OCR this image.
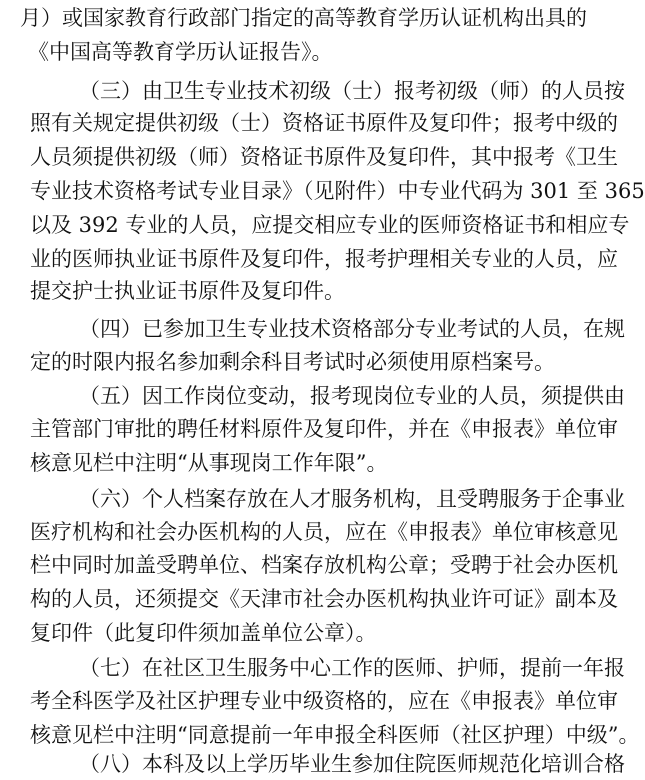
月）或国家教育行政部门指定的高等教育学历认证机构出具的
《中国高等教育学历认证报告》。
（三）由卫生专业技术初级（士）报考初级（师）的人员按
照有关规定提供初级（士）资格证书原件及复印件；报考中级的
人员须提供初级（师）资格证书原件及复印件，其中报考《卫生
专业技术资格考试专业目录》（见附件）中专业代码为 301 至 365
以及 392 专业的人员，应提交相应专业的医师资格证书和相应专
业的医师执业证书原件及复印件，报考护理相关专业的人员，应
提交护士执业证书原件及复印件。
（四）已参加卫生专业技术资格部分专业考试的人员，在规
定的时限内报名参加剩余科目考试时必须使用原档案号。
（五）因工作岗位变动，报考现岗位专业的人员，须提供由
主管部门审批的聘任材料原件及复印件，并在《申报表》单位审
核意见栏中注明“从事现岗工作年限”。
（六）个人档案存放在人才服务机构，且受聘服务于企事业
医疗机构和社会办医机构的人员，应在《申报表》单位审核意见
栏中同时加盖受聘单位、档案存放机构公章；受聘于社会办医机
构的人员，还须提交《天津市社会办医机构执业许可证》副本及
复印件（此复印件须加盖单位公章）。
（七）在社区卫生服务中心工作的医师、护师，提前一年报
考全科医学及社区护理专业中级资格的，应在《申报表》单位审
核意见栏中注明“同意提前一年申报全科医师（社区护理）中级”。
（八）本科及以上学历毕业生参加住院医师规范化培训合格
